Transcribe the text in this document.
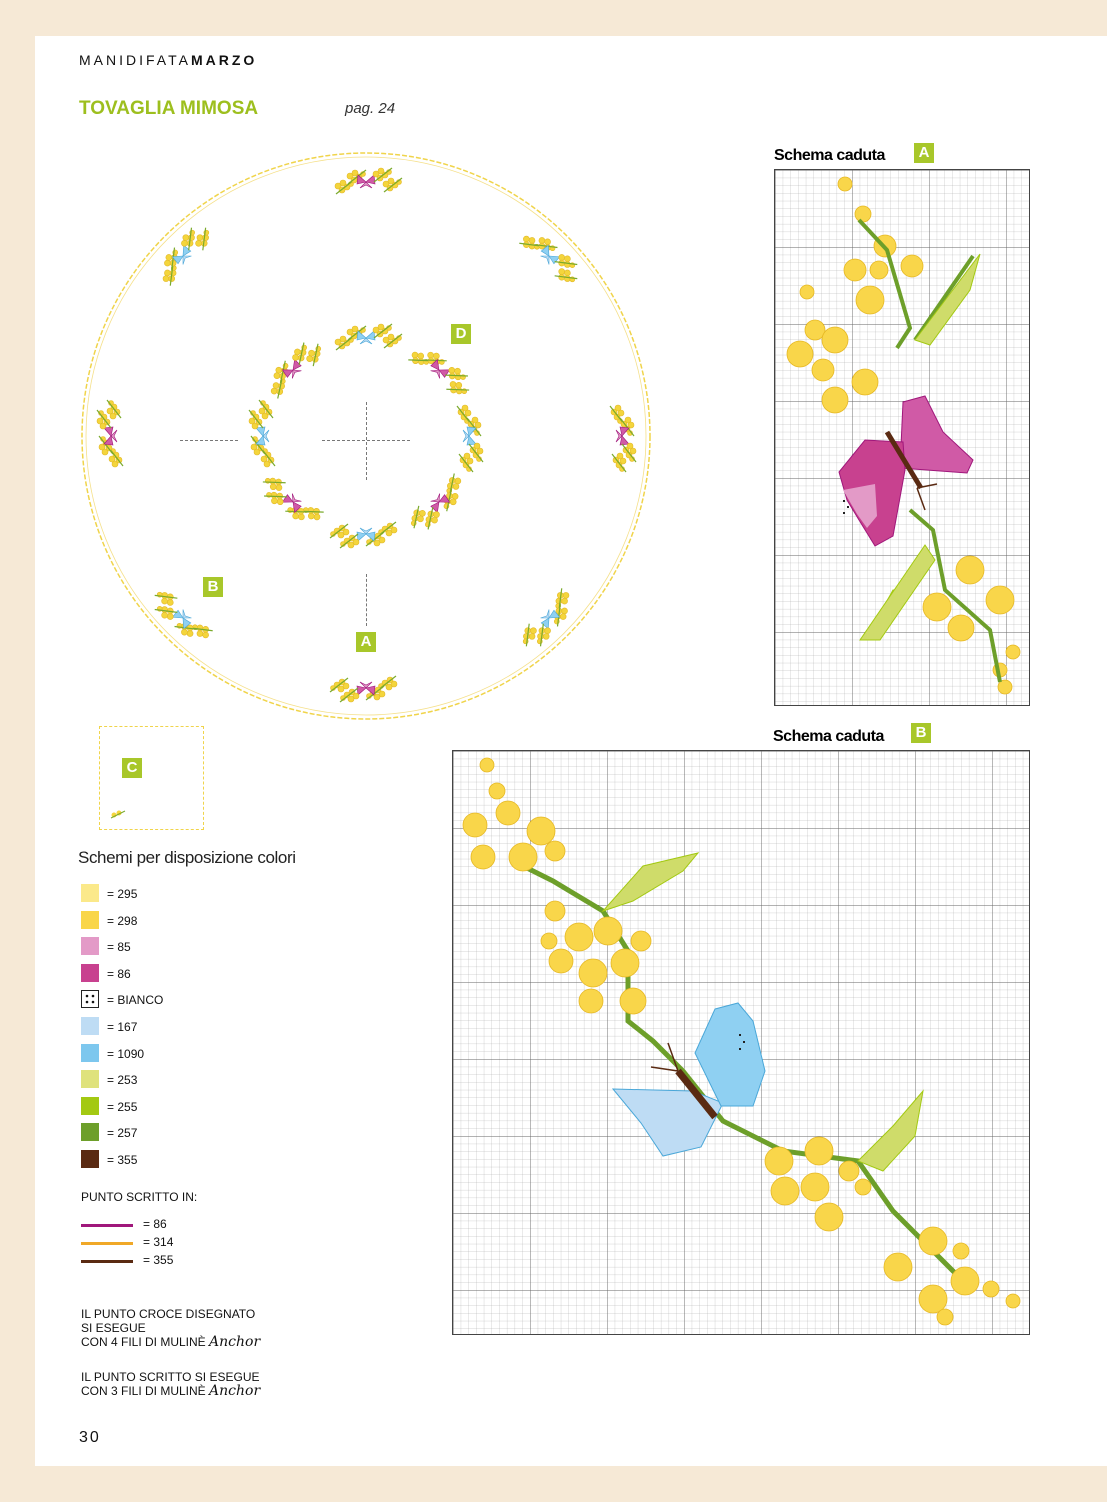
MANIDIFATAMARZO
TOVAGLIA MIMOSA	pag. 24
D
B
A
C
Schema caduta	A
Schema caduta	B
Schemi per disposizione colori
= 295
= 298
= 85
= 86
= BIANCO
= 167
= 1090
= 253
= 255
= 257
= 355
PUNTO SCRITTO IN:
= 86
= 314
= 355
IL PUNTO CROCE DISEGNATO
SI ESEGUE
CON 4 FILI DI MULINÈ Anchor
IL PUNTO SCRITTO SI ESEGUE
CON 3 FILI DI MULINÈ Anchor
30
